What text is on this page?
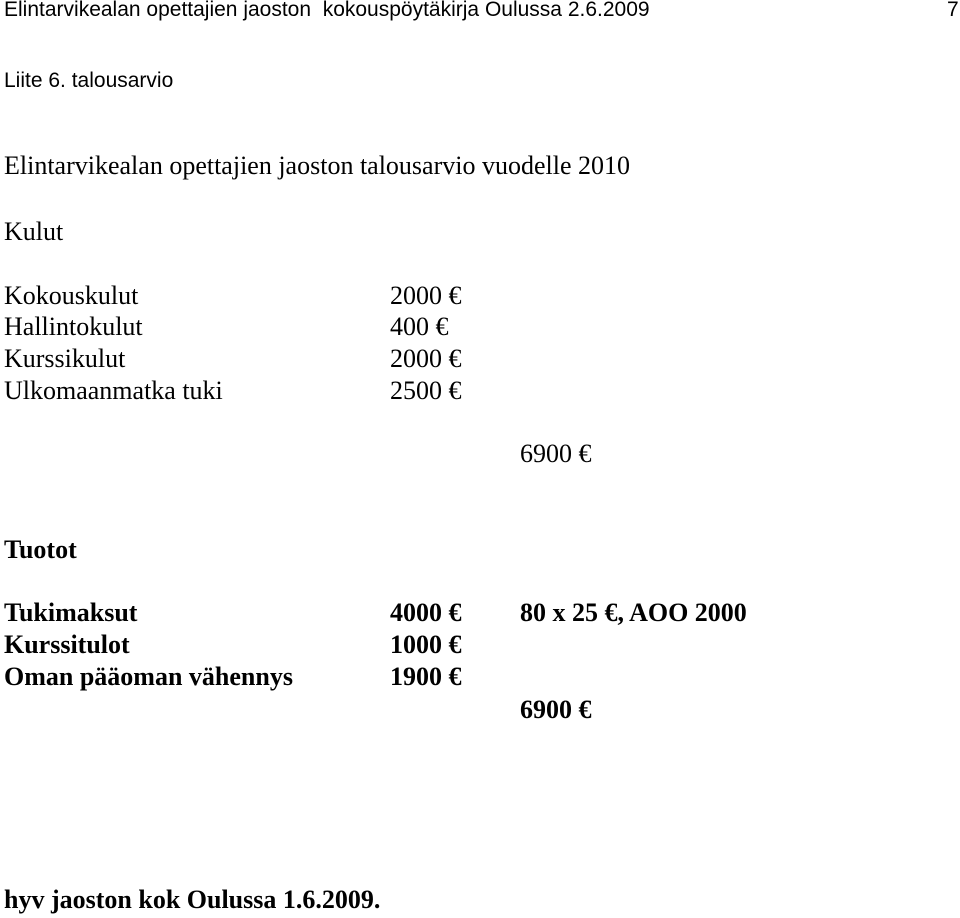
Elintarvikealan opettajien jaoston  kokouspöytäkirja Oulussa 2.6.2009	7
Liite 6. talousarvio
Elintarvikealan opettajien jaoston talousarvio vuodelle 2010
Kulut
Kokouskulut	2000 €
Hallintokulut	400 €
Kurssikulut	2000 €
Ulkomaanmatka tuki	2500 €
6900 €
Tuotot
Tukimaksut	4000 € 80 x 25 €, AOO 2000
Kurssitulot	1000 €
Oman pääoman vähennys	1900 €
6900 €
hyv jaoston kok Oulussa 1.6.2009.
